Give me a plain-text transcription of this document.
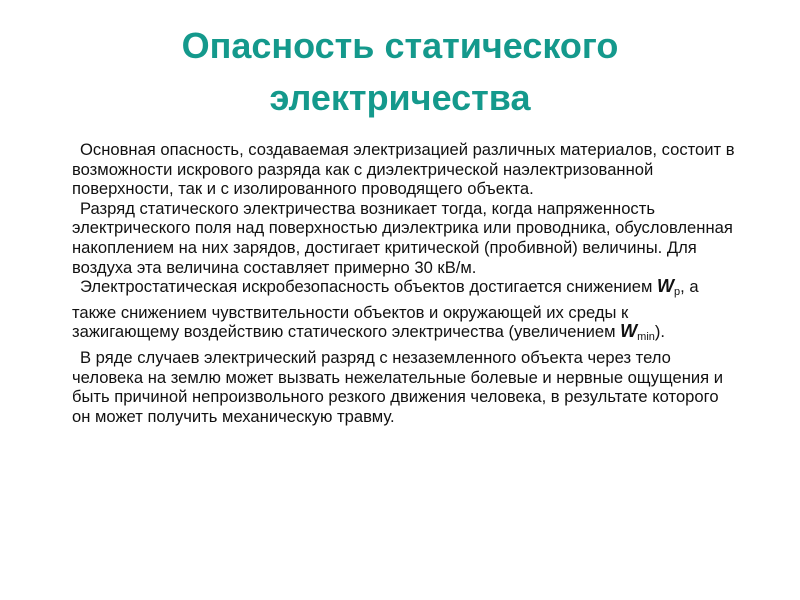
Опасность статического
электричества

Основная опасность, создаваемая электризацией различных материалов, состоит в возможности искрового разряда как с диэлектрической наэлектризованной поверхности, так и с изолированного проводящего объекта.

Разряд статического электричества возникает тогда, когда напряженность электрического поля над поверхностью диэлектрика или проводника, обусловленная накоплением на них зарядов, достигает критической (пробивной) величины. Для воздуха эта величина составляет примерно 30 кВ/м.

Электростатическая искробезопасность объектов достигается снижением $W_р$, а также снижением чувствительности объектов и окружающей их среды к зажигающему воздействию статического электричества (увеличением $W_{min}$).

В ряде случаев электрический разряд с незаземленного объекта через тело человека на землю может вызвать нежелательные болевые и нервные ощущения и быть причиной непроизвольного резкого движения человека, в результате которого он может получить механическую травму.
